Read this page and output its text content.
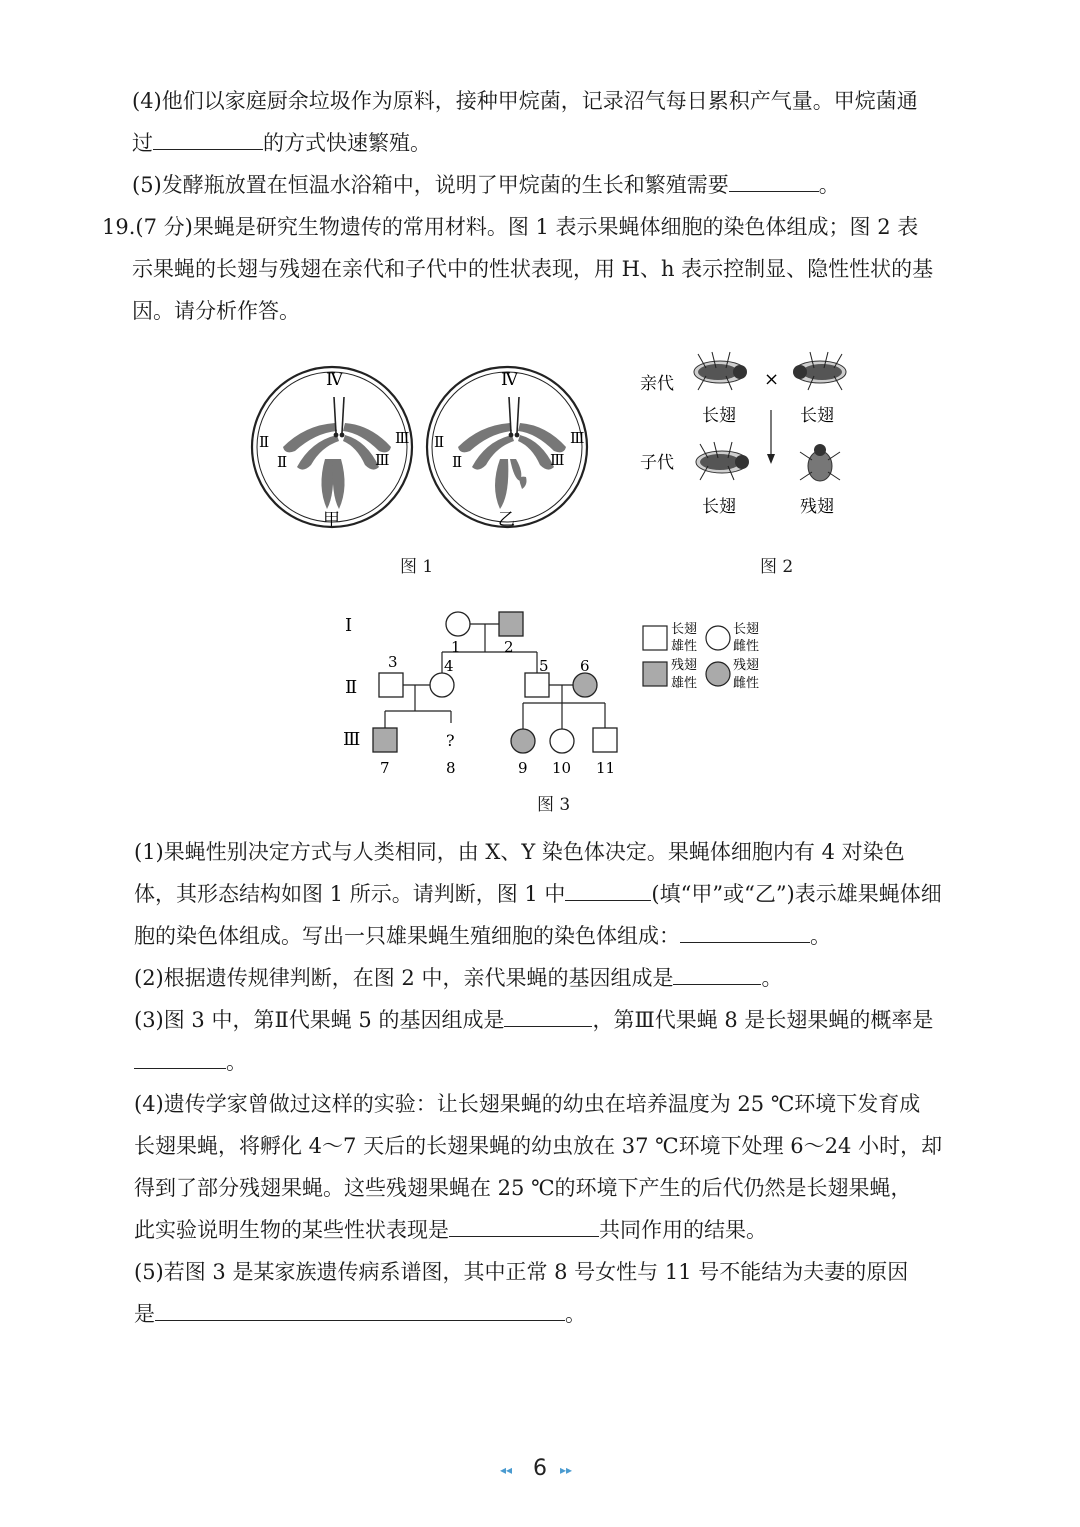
(4)他们以家庭厨余垃圾作为原料，接种甲烷菌，记录沼气每日累积产气量。甲烷菌通
过	的方式快速繁殖。
(5)发酵瓶放置在恒温水浴箱中，说明了甲烷菌的生长和繁殖需要	。
19.(7 分)果蝇是研究生物遗传的常用材料。图 1 表示果蝇体细胞的染色体组成；图 2 表
示果蝇的长翅与残翅在亲代和子代中的性状表现，用 H、h 表示控制显、隐性性状的基
因。请分析作答。
Ⅳ
Ⅱ
Ⅱ
Ⅲ
Ⅲ
甲
Ⅳ
Ⅱ
Ⅱ
Ⅲ
Ⅲ
乙
图 1
亲代	×
长翅	长翅
子代
长翅	残翅
图 2
Ⅰ
Ⅱ
Ⅲ
1	2
3	4	5 6
?
7	8	9 10 11
长翅
雄性
长翅
雌性
残翅
雄性
残翅
雌性
图 3
(1)果蝇性别决定方式与人类相同，由 X、Y 染色体决定。果蝇体细胞内有 4 对染色
体，其形态结构如图 1 所示。请判断，图 1 中	(填“甲”或“乙”)表示雄果蝇体细
胞的染色体组成。写出一只雄果蝇生殖细胞的染色体组成：	。
(2)根据遗传规律判断，在图 2 中，亲代果蝇的基因组成是	。
(3)图 3 中，第Ⅱ代果蝇 5 的基因组成是	，第Ⅲ代果蝇 8 是长翅果蝇的概率是
。
(4)遗传学家曾做过这样的实验：让长翅果蝇的幼虫在培养温度为 25 ℃环境下发育成
长翅果蝇，将孵化 4～7 天后的长翅果蝇的幼虫放在 37 ℃环境下处理 6～24 小时，却
得到了部分残翅果蝇。这些残翅果蝇在 25 ℃的环境下产生的后代仍然是长翅果蝇，
此实验说明生物的某些性状表现是	共同作用的结果。
(5)若图 3 是某家族遗传病系谱图，其中正常 8 号女性与 11 号不能结为夫妻的原因
是	。
◂◂ 6 ▸▸
